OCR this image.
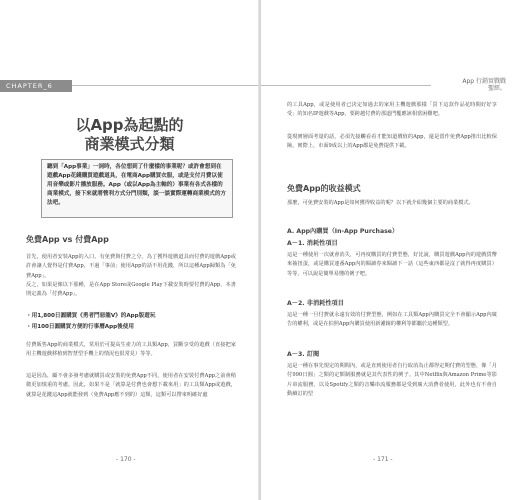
CHAPTER_6
以App為起點的
商業模式分類
聽到「App事業」一詞時，各位想到了什麼樣的事業呢？或許會想到在遊戲App花錢購買遊戲道具，在電商App購買衣服，或是支付月費以使用音樂或影片播放服務。App（或以App為主軸的）事業有各式各樣的商業模式，接下來就將營利方式分門別類，談一談實際運轉商業模式的方法吧。
免費App vs 付費App
首先，使用者安裝App的入口，有免費與付費之分。為了獲得遊戲道具而付費的遊戲App或許會讓人覺得是付費App，不過「事前」使用App的話不用花錢，所以這種App歸類為「免費App」。
反之，如果是像以下那種，是在App Store或Google Play下載安裝時要付費的App，本書則定義為「付費App」。
・用1,800日圓購買《勇者鬥惡龍V》的App版遊玩
・用100日圓購買方便的行事曆App後使用
付費販售App的商業模式，常用於可提高生產力的工具類App，買斷享受的遊戲（直接把家用主機遊戲移植到智慧型手機上的情況也很常見）等等。
這是因為，顧不會多發考慮就購買或安裝的免費App不同，使用者在安裝付費App之前會稍微更加慎重的考慮。因此，如果不是「就算是付費也會想下載來用」的工具類App或遊戲，就算是花錢這App就能發到（免費App應不到的）這類，這類可以帶來明確好處
- 170 -
App 行銷實戰戰
聖經。
的工具App，或是使用者已決定如過去的家用主機遊戲那樣「買下這款作品花時間好好享受」的知名IP遊戲等App，要跨越付費的那道門檻應該相當困難吧。
從現實層面考量的話，必須先接觸看看才能知道價值的App，還是當作免費App推出比較保險。實際上，市面9成以上的App都是免費提供下載。
免費App的收益模式
那麼，可免費安裝的App是如何獲得收益的呢？以下就介紹幾個主要的商業模式。
A. App內購買（In-App Purchase）
A－1. 消耗性項目
這是一種使用一次就會消失，可再度購買的付費型態，好比說，購買遊戲App內的遊戲貨幣來抽扭蛋，或是購買連番App內的閱讀券來閱讀下一話（這些東西都是沒了就得再度購買）等等，可以說是簡單易懂的例子吧。
A－2. 非消耗性項目
這是一種一旦付費就永遠有效的付費型態，例如在工具類App內購買完全不會顯示App內廣告的權利，或是在拍照App內購買使用新濾鏡的權利等都屬於這種類型。
A－3. 訂閱
這是一種在事先規定的期間內，或是直到使用者自行取消為止都得定期付費的型態，像「月付990日圓」之類的定額制服務就是其代表性的例子。其中Netflix與Amazon Prime等影片串流服務，以及Spotify之類的音樂串流服務都是受到廣大消費者使用，此外也有不會自動續訂的型
- 171 -
